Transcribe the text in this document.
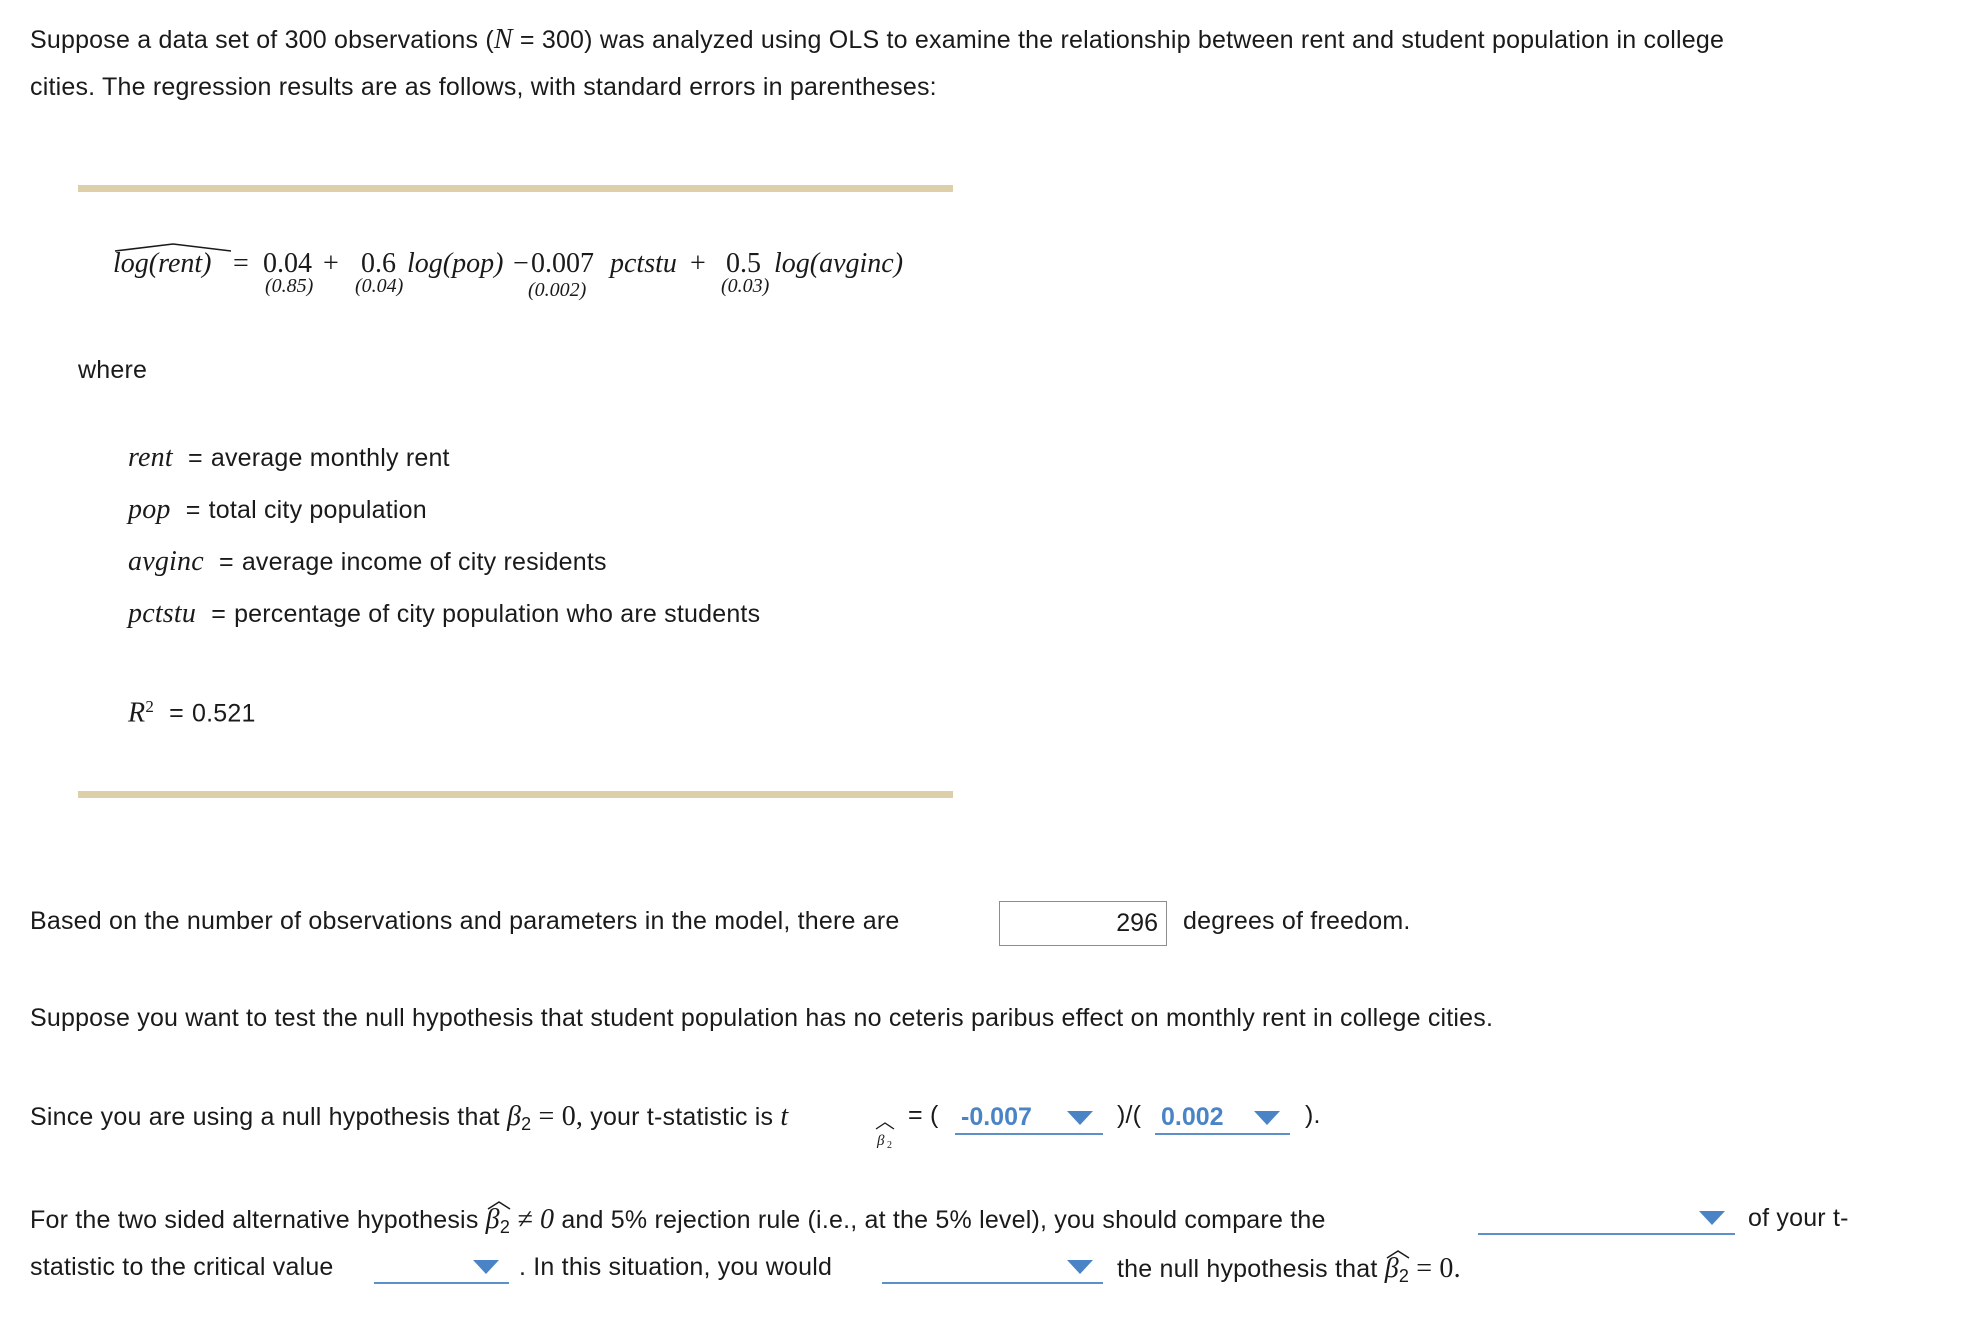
Suppose a data set of 300 observations (N = 300) was analyzed using OLS to examine the relationship between rent and student population in college
cities. The regression results are as follows, with standard errors in parentheses:
log(rent) = 0.04 + 0.6 log(pop) − 0.007 pctstu + 0.5 log(avginc)
(0.85) (0.04)	(0.002)	(0.03)
where
rent = average monthly rent
pop = total city population
avginc = average income of city residents
pctstu = percentage of city population who are students
$R^2 = 0.521$
Based on the number of observations and parameters in the model, there are
296	degrees of freedom.
Suppose you want to test the null hypothesis that student population has no ceteris paribus effect on monthly rent in college cities.
Since you are using a null hypothesis that $\beta_2 = 0$, your t-statistic is t
β 2
= ( -0.007	)/( 0.002	).
For the two sided alternative hypothesis $\beta_2 \ne 0$ and 5% rejection rule (i.e., at the 5% level), you should compare the	of your t-
statistic to the critical value	. In this situation, you would	the null hypothesis that $\beta_2 = 0$.
